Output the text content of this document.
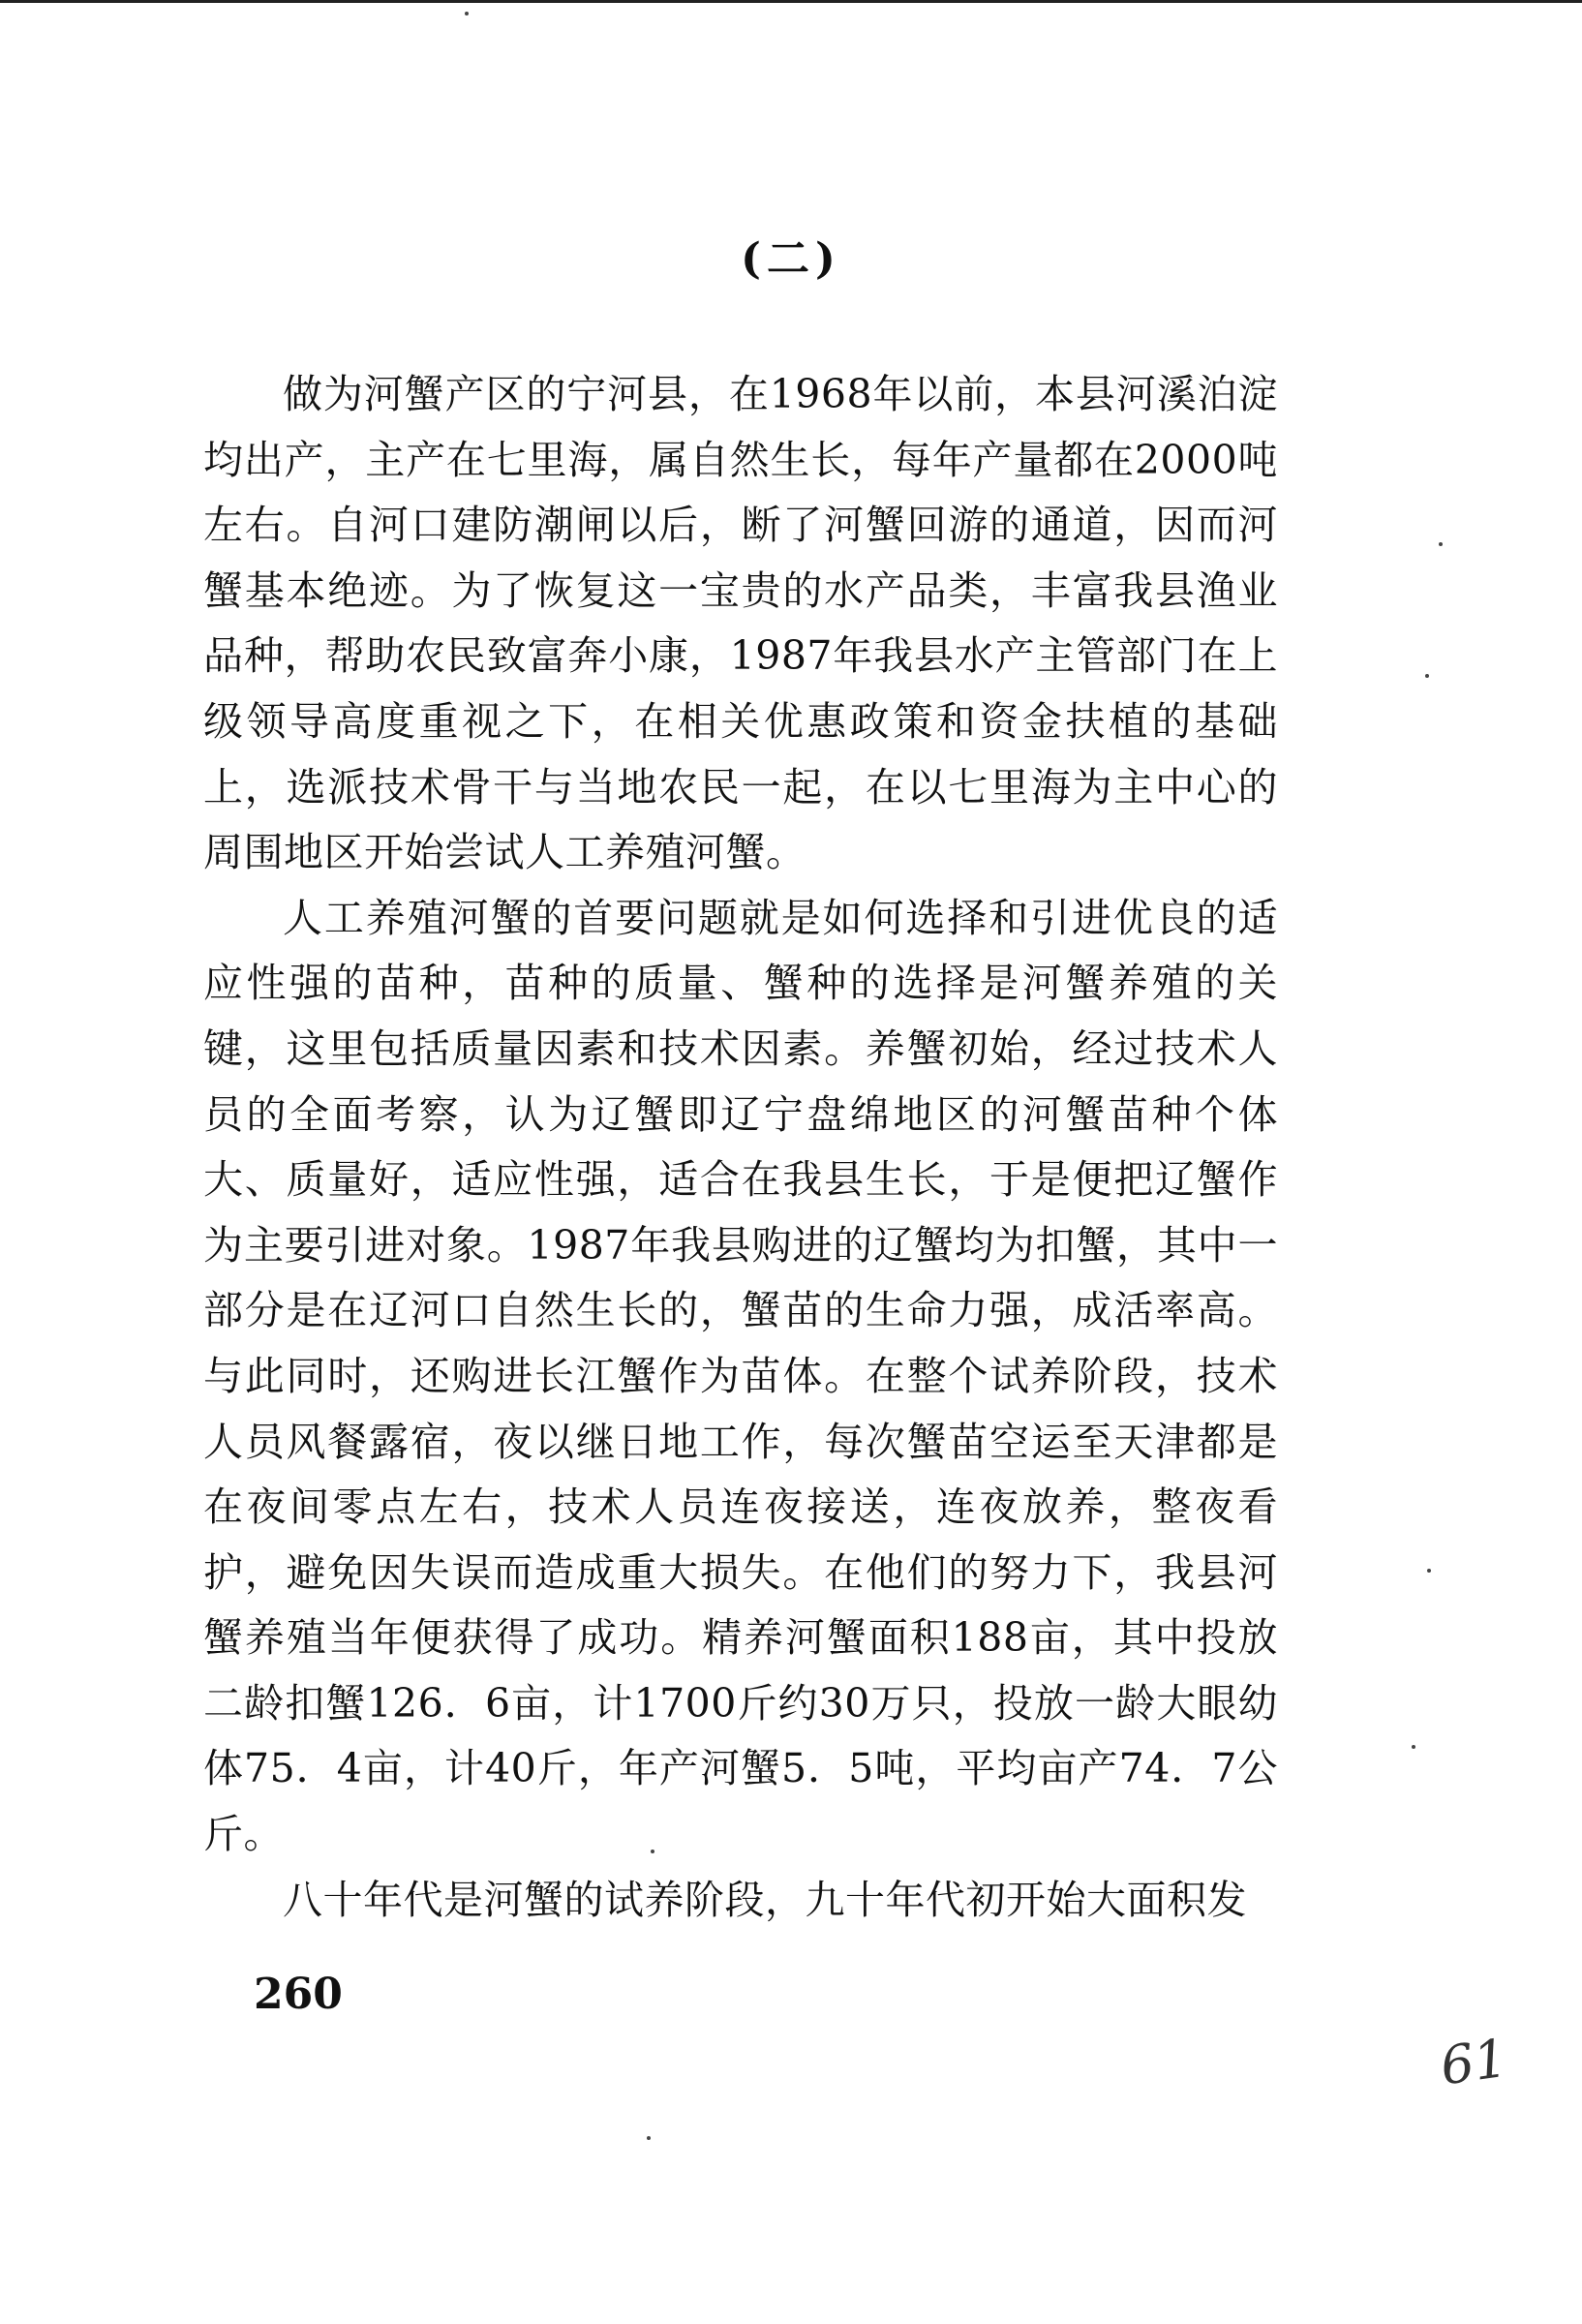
(二)

做为河蟹产区的宁河县，在1968年以前，本县河溪泊淀均出产，主产在七里海，属自然生长，每年产量都在2000吨左右。自河口建防潮闸以后，断了河蟹回游的通道，因而河蟹基本绝迹。为了恢复这一宝贵的水产品类，丰富我县渔业品种，帮助农民致富奔小康，1987年我县水产主管部门在上级领导高度重视之下，在相关优惠政策和资金扶植的基础上，选派技术骨干与当地农民一起，在以七里海为主中心的周围地区开始尝试人工养殖河蟹。

人工养殖河蟹的首要问题就是如何选择和引进优良的适应性强的苗种，苗种的质量、蟹种的选择是河蟹养殖的关键，这里包括质量因素和技术因素。养蟹初始，经过技术人员的全面考察，认为辽蟹即辽宁盘绵地区的河蟹苗种个体大、质量好，适应性强，适合在我县生长，于是便把辽蟹作为主要引进对象。1987年我县购进的辽蟹均为扣蟹，其中一部分是在辽河口自然生长的，蟹苗的生命力强，成活率高。与此同时，还购进长江蟹作为苗体。在整个试养阶段，技术人员风餐露宿，夜以继日地工作，每次蟹苗空运至天津都是在夜间零点左右，技术人员连夜接送，连夜放养，整夜看护，避免因失误而造成重大损失。在他们的努力下，我县河蟹养殖当年便获得了成功。精养河蟹面积188亩，其中投放二龄扣蟹126．6亩，计1700斤约30万只，投放一龄大眼幼体75．4亩，计40斤，年产河蟹5．5吨，平均亩产74．7公斤。

八十年代是河蟹的试养阶段，九十年代初开始大面积发

260
61
